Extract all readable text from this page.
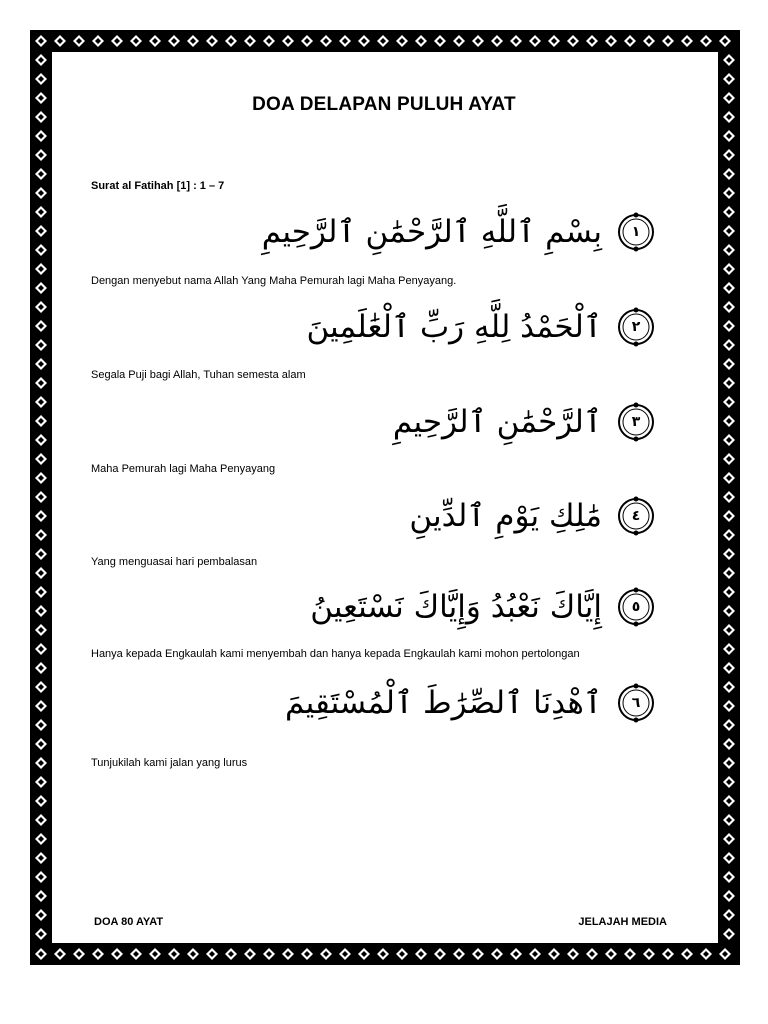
DOA DELAPAN PULUH AYAT
Surat al Fatihah [1] : 1 – 7
١
بِسْمِ ٱللَّهِ ٱلرَّحْمَٰنِ ٱلرَّحِيمِ
Dengan menyebut nama Allah Yang Maha Pemurah lagi Maha Penyayang.
٢
ٱلْحَمْدُ لِلَّهِ رَبِّ ٱلْعَٰلَمِينَ
Segala Puji bagi Allah, Tuhan semesta alam
٣
ٱلرَّحْمَٰنِ ٱلرَّحِيمِ
Maha Pemurah lagi Maha Penyayang
٤
مَٰلِكِ يَوْمِ ٱلدِّينِ
Yang menguasai hari pembalasan
٥
إِيَّاكَ نَعْبُدُ وَإِيَّاكَ نَسْتَعِينُ
Hanya kepada Engkaulah kami menyembah dan hanya kepada Engkaulah kami mohon pertolongan
٦
ٱهْدِنَا ٱلصِّرَٰطَ ٱلْمُسْتَقِيمَ
Tunjukilah kami jalan yang lurus
DOA 80 AYAT	JELAJAH MEDIA
